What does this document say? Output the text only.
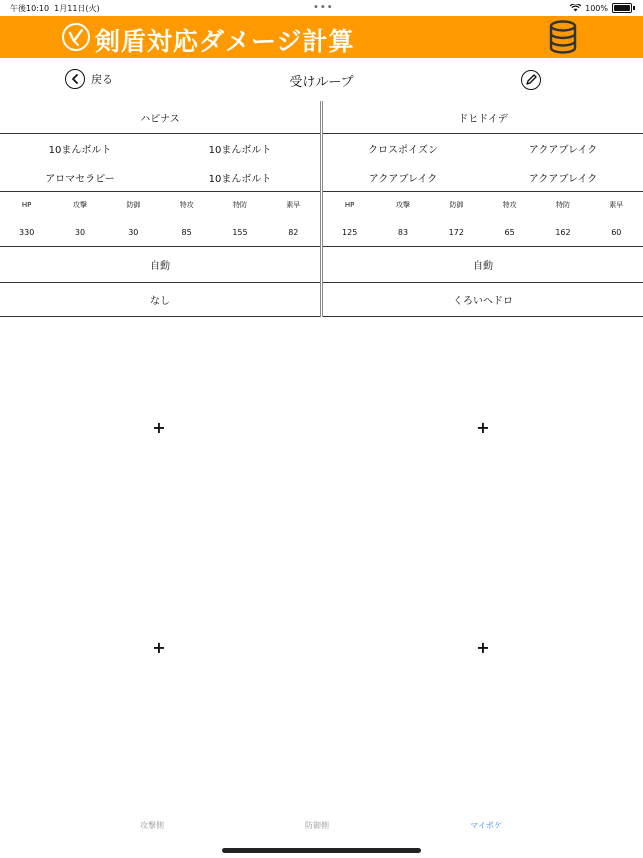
午後10:10 1月11日(火)	•••	100%
剣盾対応ダメージ計算
戻る	受けループ
ハピナス
10まんボルト	10まんボルト
アロマセラピー	10まんボルト
HP	攻撃	防御	特攻	特防	素早
330	30	30	85	155	82
自動
なし
ドヒドイデ
クロスポイズン	アクアブレイク
アクアブレイク	アクアブレイク
HP	攻撃	防御	特攻	特防	素早
125	83	172	65	162	60
自動
くろいヘドロ
+	+
+	+
攻撃側	防御側	マイポケ
